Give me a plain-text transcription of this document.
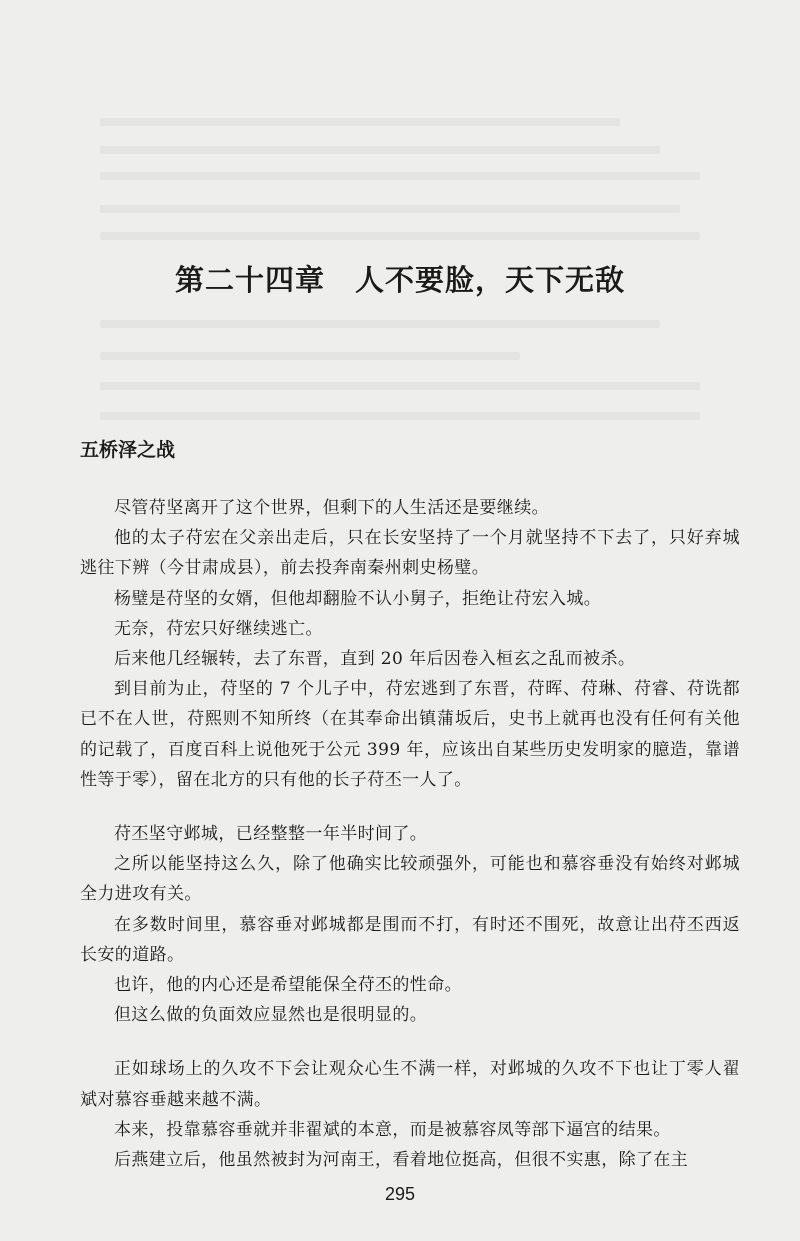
第二十四章　人不要脸，天下无敌
五桥泽之战

尽管苻坚离开了这个世界，但剩下的人生活还是要继续。

他的太子苻宏在父亲出走后，只在长安坚持了一个月就坚持不下去了，只好弃城逃往下辨（今甘肃成县），前去投奔南秦州刺史杨璧。

杨璧是苻坚的女婿，但他却翻脸不认小舅子，拒绝让苻宏入城。

无奈，苻宏只好继续逃亡。

后来他几经辗转，去了东晋，直到 20 年后因卷入桓玄之乱而被杀。

到目前为止，苻坚的 7 个儿子中，苻宏逃到了东晋，苻晖、苻琳、苻睿、苻诜都已不在人世，苻熙则不知所终（在其奉命出镇蒲坂后，史书上就再也没有任何有关他的记载了，百度百科上说他死于公元 399 年，应该出自某些历史发明家的臆造，靠谱性等于零），留在北方的只有他的长子苻丕一人了。

苻丕坚守邺城，已经整整一年半时间了。

之所以能坚持这么久，除了他确实比较顽强外，可能也和慕容垂没有始终对邺城全力进攻有关。

在多数时间里，慕容垂对邺城都是围而不打，有时还不围死，故意让出苻丕西返长安的道路。

也许，他的内心还是希望能保全苻丕的性命。

但这么做的负面效应显然也是很明显的。

正如球场上的久攻不下会让观众心生不满一样，对邺城的久攻不下也让丁零人翟斌对慕容垂越来越不满。

本来，投靠慕容垂就并非翟斌的本意，而是被慕容凤等部下逼宫的结果。

后燕建立后，他虽然被封为河南王，看着地位挺高，但很不实惠，除了在主

295
